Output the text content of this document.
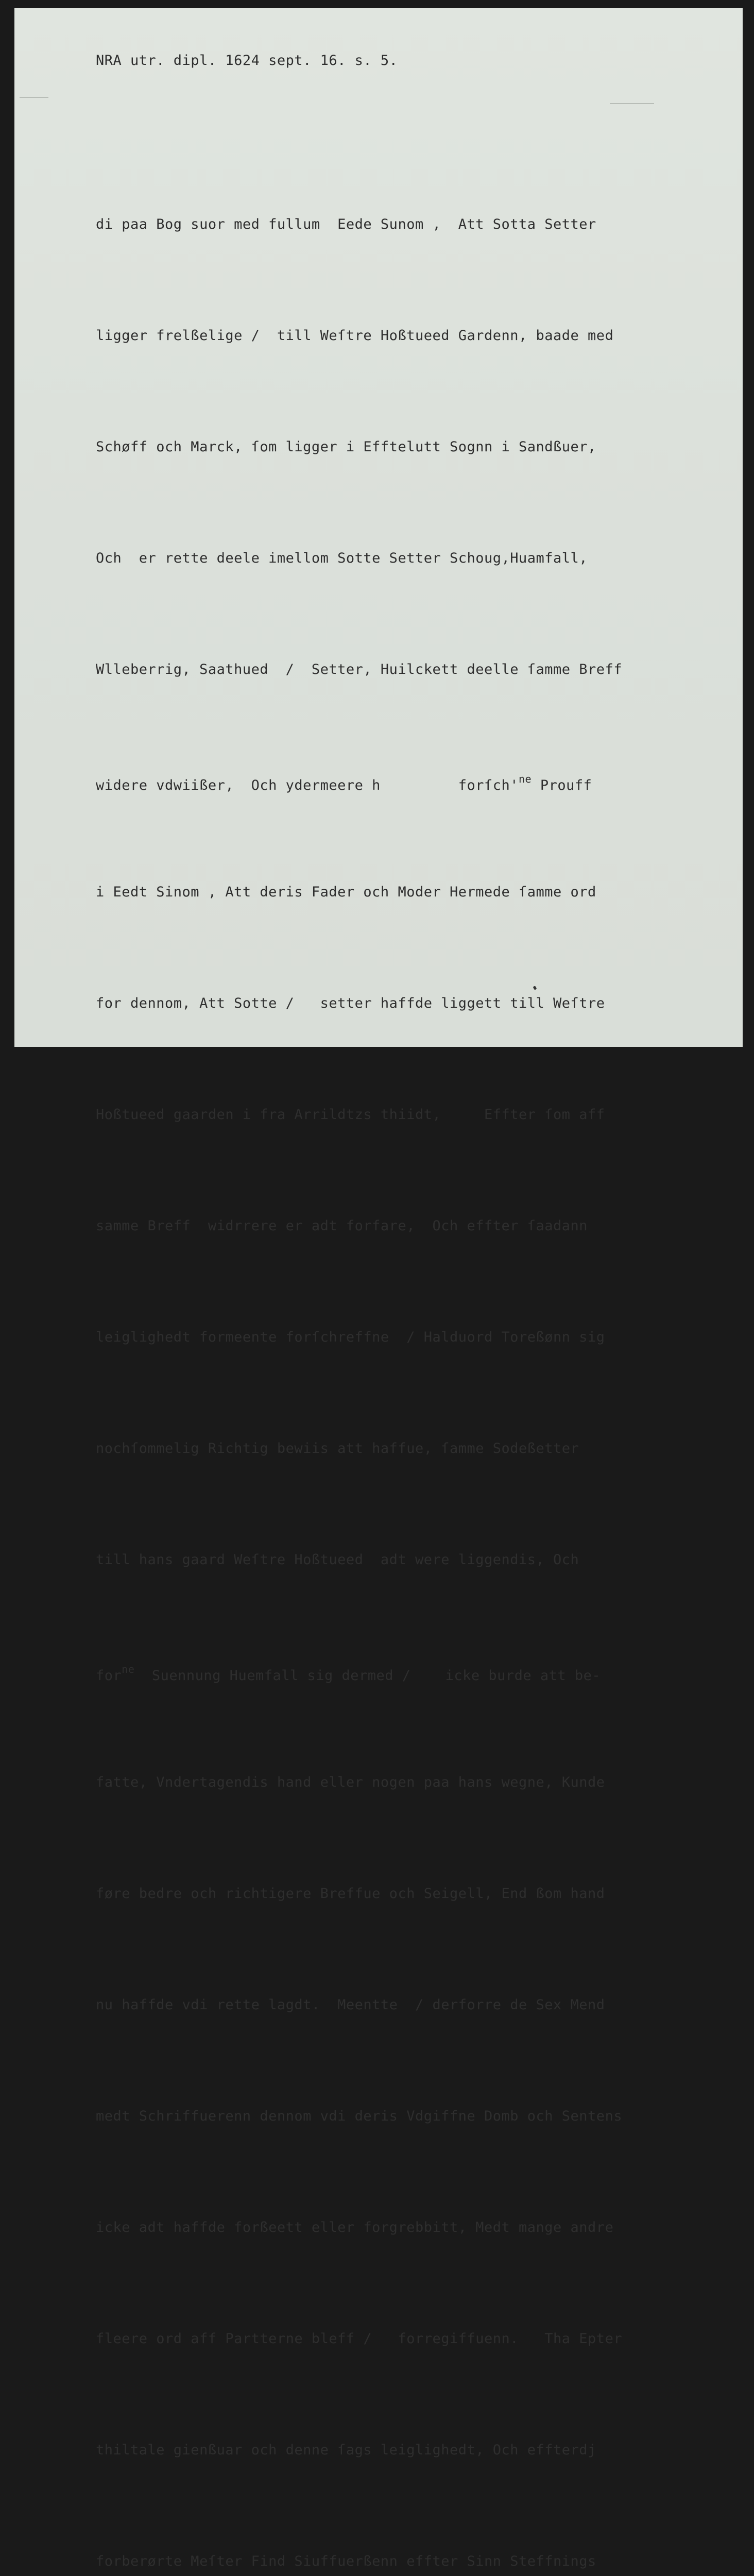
NRA utr. dipl. 1624 sept. 16. s. 5.

di paa Bog suor med fullum  Eede Sunom ,  Att Sotta Setter

ligger frelßelige /  till Weſtre Hoßtueed Gardenn, baade med

Schøff och Marck, ſom ligger i Efftelutt Sognn i Sandßuer,

Och  er rette deele imellom Sotte Setter Schoug,Huamfall,

Wlleberrig, Saathued  /  Setter, Huilckett deelle ſamme Breff

widere vdwiißer,  Och ydermeere h         $forſch'^{ne}$ Prouff

i Eedt Sinom , Att deris Fader och Moder Hermede ſamme ord

for dennom, Att Sotte /   setter haffde liggett till Weſtre

Hoßtueed gaarden i fra Arrildtzs thiidt,     Effter ſom aff

samme Breff  widrrere er adt forfare,  Och effter ſaadann

leiglighedt formeente forſchreffne  / Halduord Toreßønn sig

nochſommelig Richtig bewiis att haffue, ſamme Sodeßetter

till hans gaard Weſtre Hoßtueed  adt were liggendis, Och

for$^{ne}$  Suennung Huemfall sig dermed /    icke burde att be-

fatte, Vndertagendis hand eller nogen paa hans wegne, Kunde

føre bedre och richtigere Breffue och Seigell, End ßom hand

nu haffde vdi rette lagdt.  Meentte  / derforre de Sex Mend

medt Schriffuerenn dennom vdi deris Vdgiffne Domb och Sentens

icke adt haffde forßeett eller forgrebbitt, Medt mange andre

fleere ord aff Partterne bleff /   forregiffuenn.   Tha Epter

thiltale gienßuar och denne ſags leiglighedt, Och effterdj

forberørte Meſter Find Siuffuerßenn effter Sinn Steffnings
